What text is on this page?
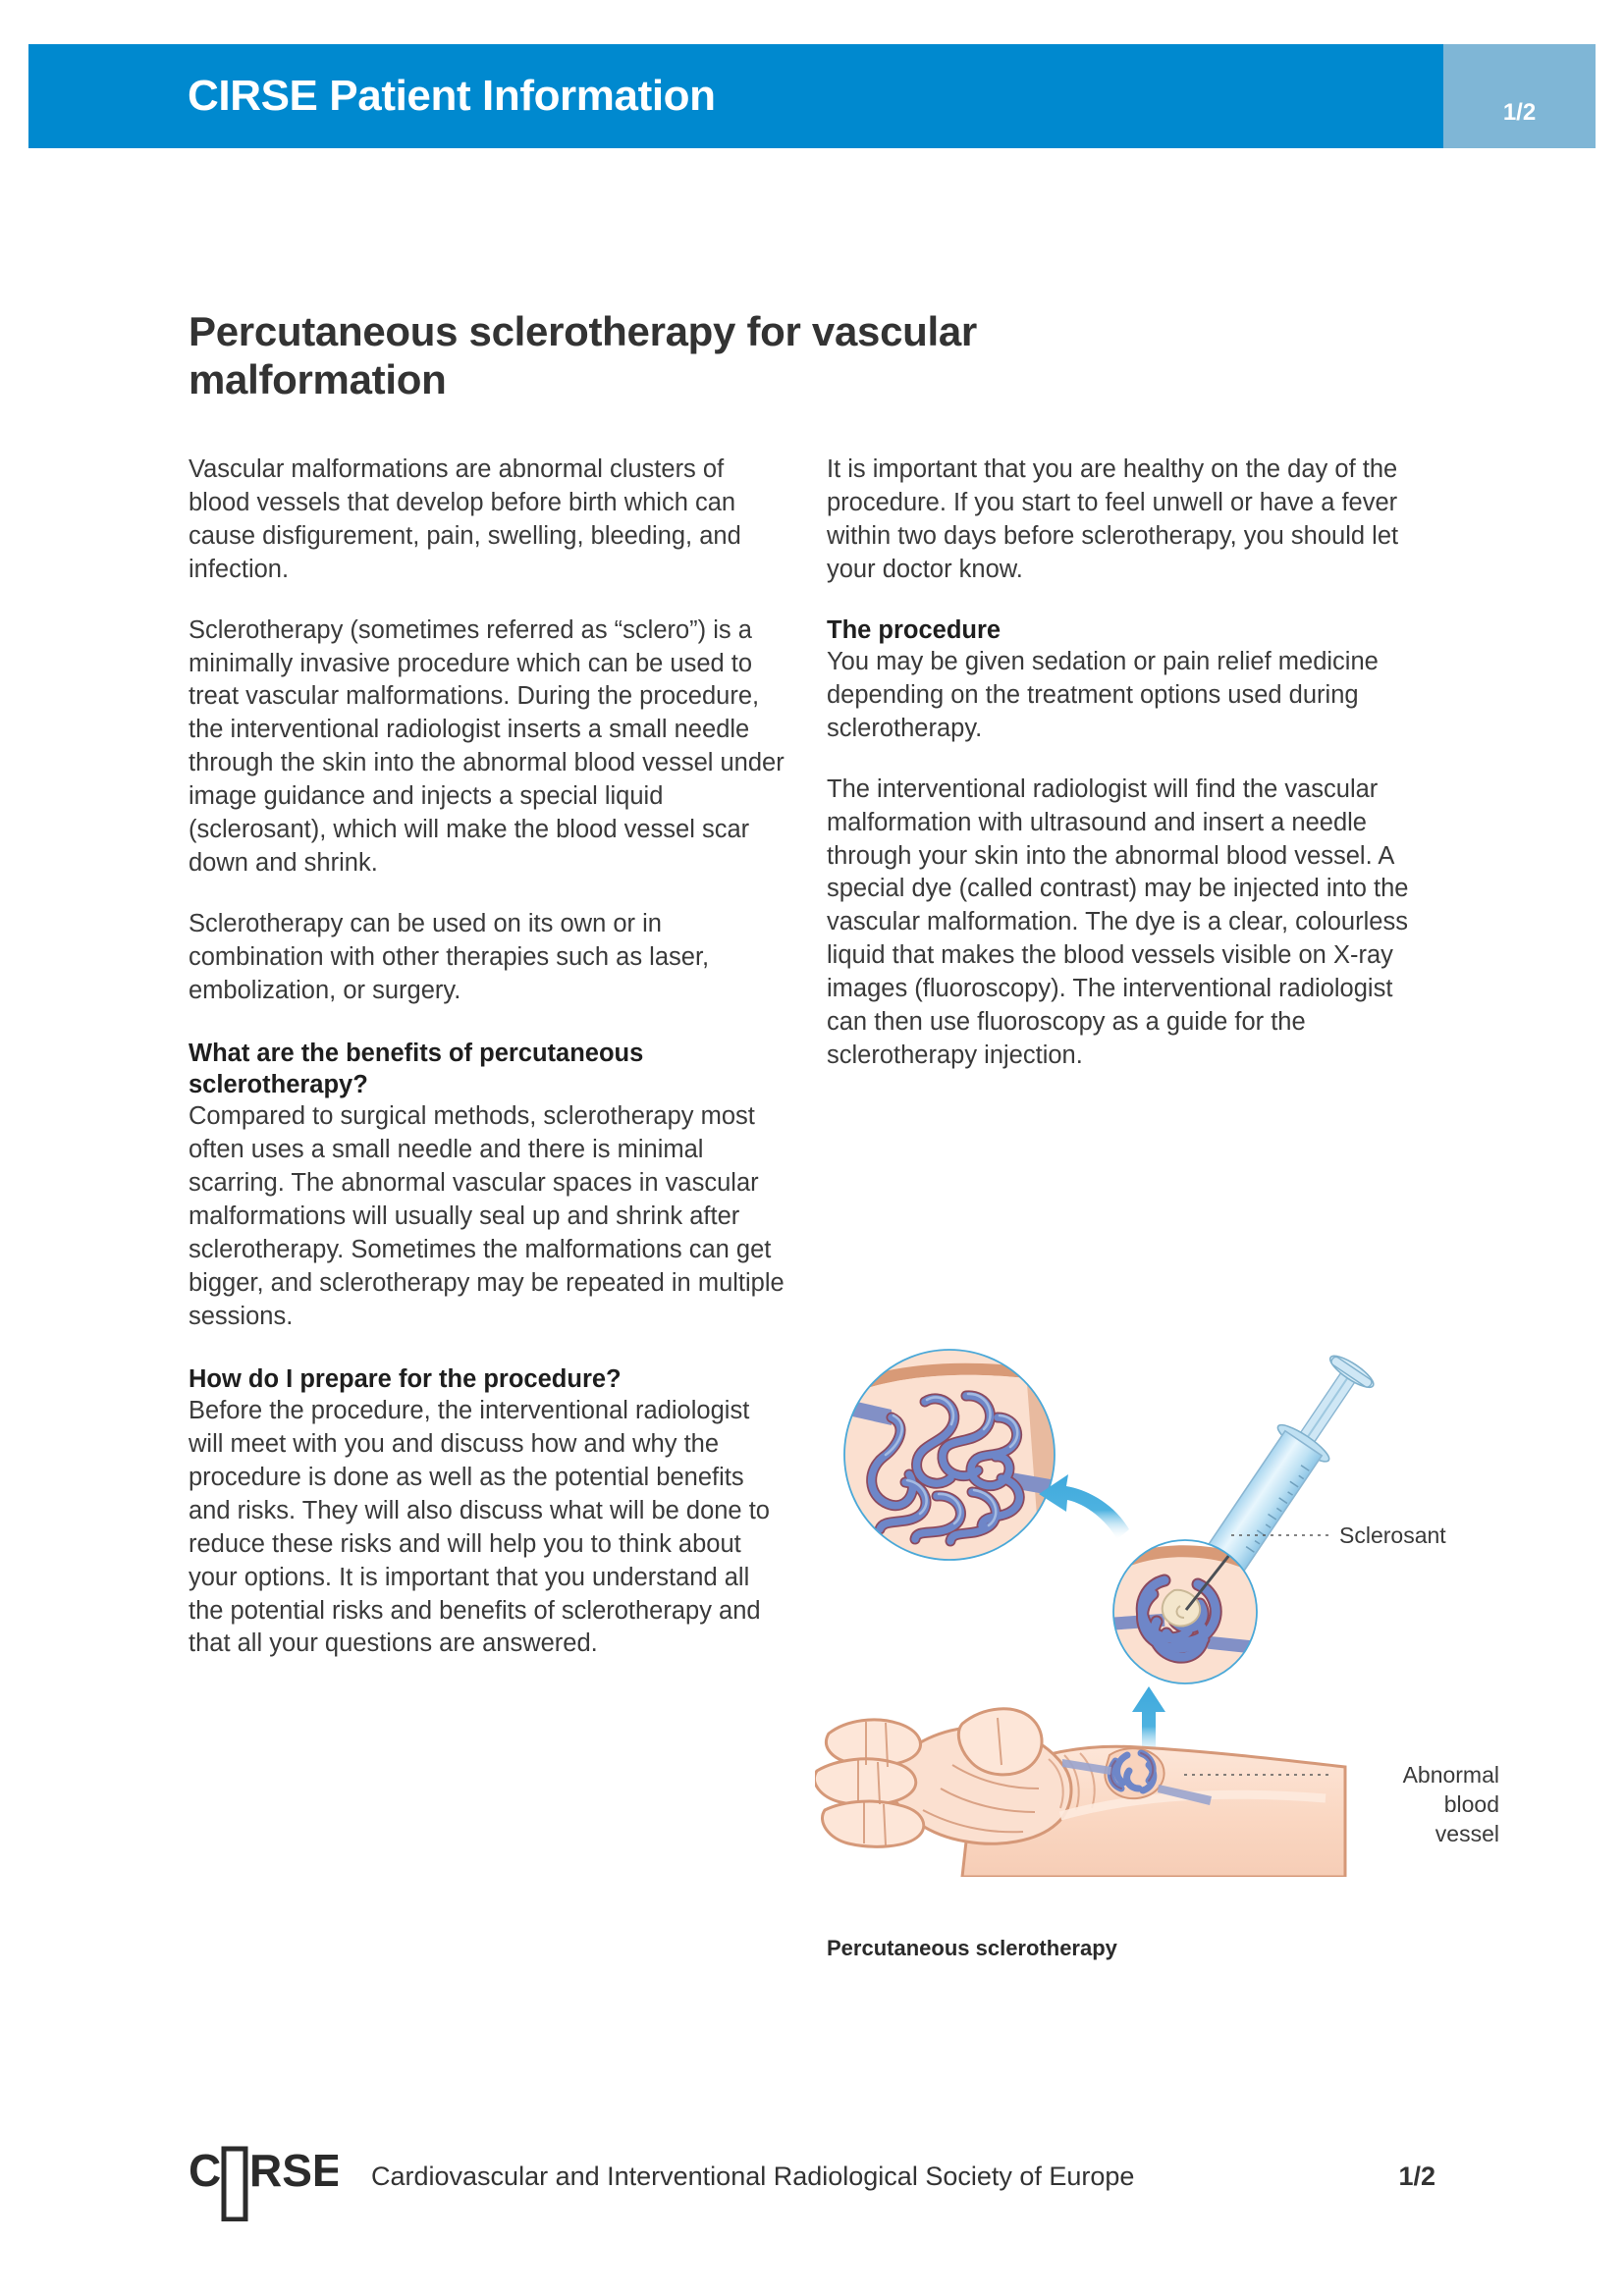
CIRSE Patient Information	1/2
Percutaneous sclerotherapy for vascular malformation

Vascular malformations are abnormal clusters of blood vessels that develop before birth which can cause disfigurement, pain, swelling, bleeding, and infection.

Sclerotherapy (sometimes referred as “sclero”) is a minimally invasive procedure which can be used to treat vascular malformations. During the procedure, the interventional radiologist inserts a small needle through the skin into the abnormal blood vessel under image guidance and injects a special liquid (sclerosant), which will make the blood vessel scar down and shrink.

Sclerotherapy can be used on its own or in combination with other therapies such as laser, embolization, or surgery.

What are the benefits of percutaneous sclerotherapy?

Compared to surgical methods, sclerotherapy most often uses a small needle and there is minimal scarring. The abnormal vascular spaces in vascular malformations will usually seal up and shrink after sclerotherapy. Sometimes the malformations can get bigger, and sclerotherapy may be repeated in multiple sessions.

How do I prepare for the procedure?

Before the procedure, the interventional radiologist will meet with you and discuss how and why the procedure is done as well as the potential benefits and risks. They will also discuss what will be done to reduce these risks and will help you to think about your options. It is important that you understand all the potential risks and benefits of sclerotherapy and that all your questions are answered.

It is important that you are healthy on the day of the procedure. If you start to feel unwell or have a fever within two days before sclerotherapy, you should let your doctor know.

The procedure

You may be given sedation or pain relief medicine depending on the treatment options used during sclerotherapy.

The interventional radiologist will find the vascular malformation with ultrasound and insert a needle through your skin into the abnormal blood vessel. A special dye (called contrast) may be injected into the vascular malformation. The dye is a clear, colourless liquid that makes the blood vessels visible on X-ray images (fluoroscopy). The interventional radiologist can then use fluoroscopy as a guide for the sclerotherapy injection.

Sclerosant
Abnormal
blood
vessel
Percutaneous sclerotherapy
C RSE Cardiovascular and Interventional Radiological Society of Europe	1/2
